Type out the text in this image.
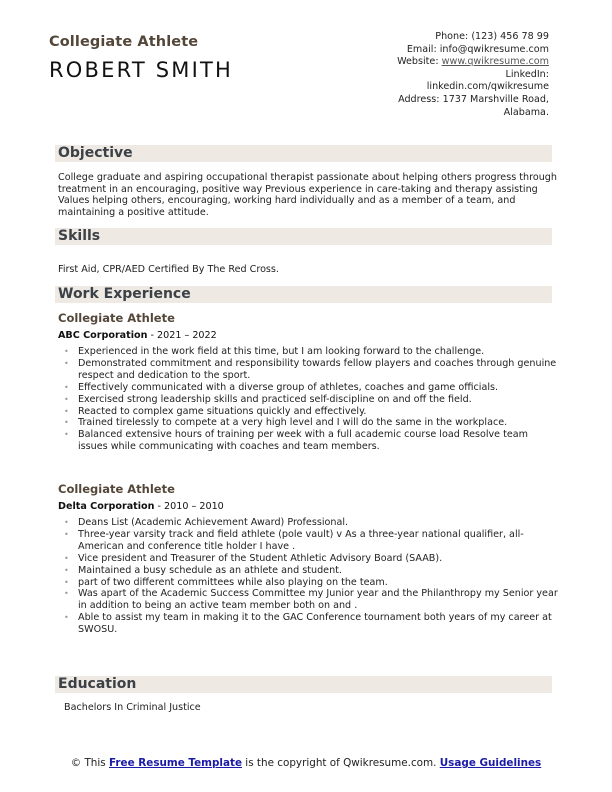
Collegiate Athlete
ROBERT SMITH
Phone: (123) 456 78 99
Email: info@qwikresume.com
Website: www.qwikresume.com
LinkedIn:
linkedin.com/qwikresume
Address: 1737 Marshville Road,
Alabama.
Objective
College graduate and aspiring occupational therapist passionate about helping others progress through treatment in an encouraging, positive way Previous experience in care-taking and therapy assisting Values helping others, encouraging, working hard individually and as a member of a team, and maintaining a positive attitude.
Skills
First Aid, CPR/AED Certified By The Red Cross.
Work Experience
Collegiate Athlete
ABC Corporation - 2021 – 2022
• Experienced in the work field at this time, but I am looking forward to the challenge.
• Demonstrated commitment and responsibility towards fellow players and coaches through genuine respect and dedication to the sport.
• Effectively communicated with a diverse group of athletes, coaches and game officials.
• Exercised strong leadership skills and practiced self-discipline on and off the field.
• Reacted to complex game situations quickly and effectively.
• Trained tirelessly to compete at a very high level and I will do the same in the workplace.
• Balanced extensive hours of training per week with a full academic course load Resolve team issues while communicating with coaches and team members.
Collegiate Athlete
Delta Corporation - 2010 – 2010
• Deans List (Academic Achievement Award) Professional.
• Three-year varsity track and field athlete (pole vault) v As a three-year national qualifier, all-American and conference title holder I have .
• Vice president and Treasurer of the Student Athletic Advisory Board (SAAB).
• Maintained a busy schedule as an athlete and student.
• part of two different committees while also playing on the team.
• Was apart of the Academic Success Committee my Junior year and the Philanthropy my Senior year in addition to being an active team member both on and .
• Able to assist my team in making it to the GAC Conference tournament both years of my career at SWOSU.
Education
Bachelors In Criminal Justice
© This Free Resume Template is the copyright of Qwikresume.com. Usage Guidelines
